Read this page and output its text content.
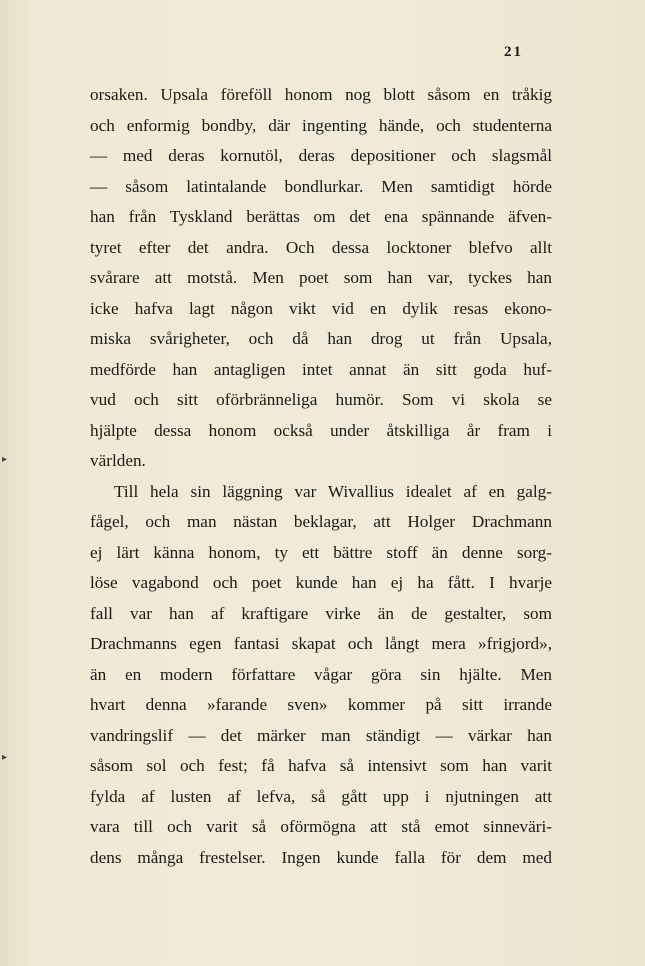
21
orsaken. Upsala föreföll honom nog blott såsom en tråkig
och enformig bondby, där ingenting hände, och studenterna
— med deras kornutöl, deras depositioner och slagsmål
— såsom latintalande bondlurkar. Men samtidigt hörde
han från Tyskland berättas om det ena spännande äfven-
tyret efter det andra. Och dessa locktoner blefvo allt
svårare att motstå. Men poet som han var, tyckes han
icke hafva lagt någon vikt vid en dylik resas ekono-
miska svårigheter, och då han drog ut från Upsala,
medförde han antagligen intet annat än sitt goda huf-
vud och sitt oförbränneliga humör. Som vi skola se
hjälpte dessa honom också under åtskilliga år fram i
världen.
Till hela sin läggning var Wivallius idealet af en galg-
fågel, och man nästan beklagar, att Holger Drachmann
ej lärt känna honom, ty ett bättre stoff än denne sorg-
löse vagabond och poet kunde han ej ha fått. I hvarje
fall var han af kraftigare virke än de gestalter, som
Drachmanns egen fantasi skapat och långt mera »frigjord»,
än en modern författare vågar göra sin hjälte. Men
hvart denna »farande sven» kommer på sitt irrande
vandringslif — det märker man ständigt — värkar han
såsom sol och fest; få hafva så intensivt som han varit
fylda af lusten af lefva, så gått upp i njutningen att
vara till och varit så oförmögna att stå emot sinneväri-
dens många frestelser. Ingen kunde falla för dem med
▸
▸
